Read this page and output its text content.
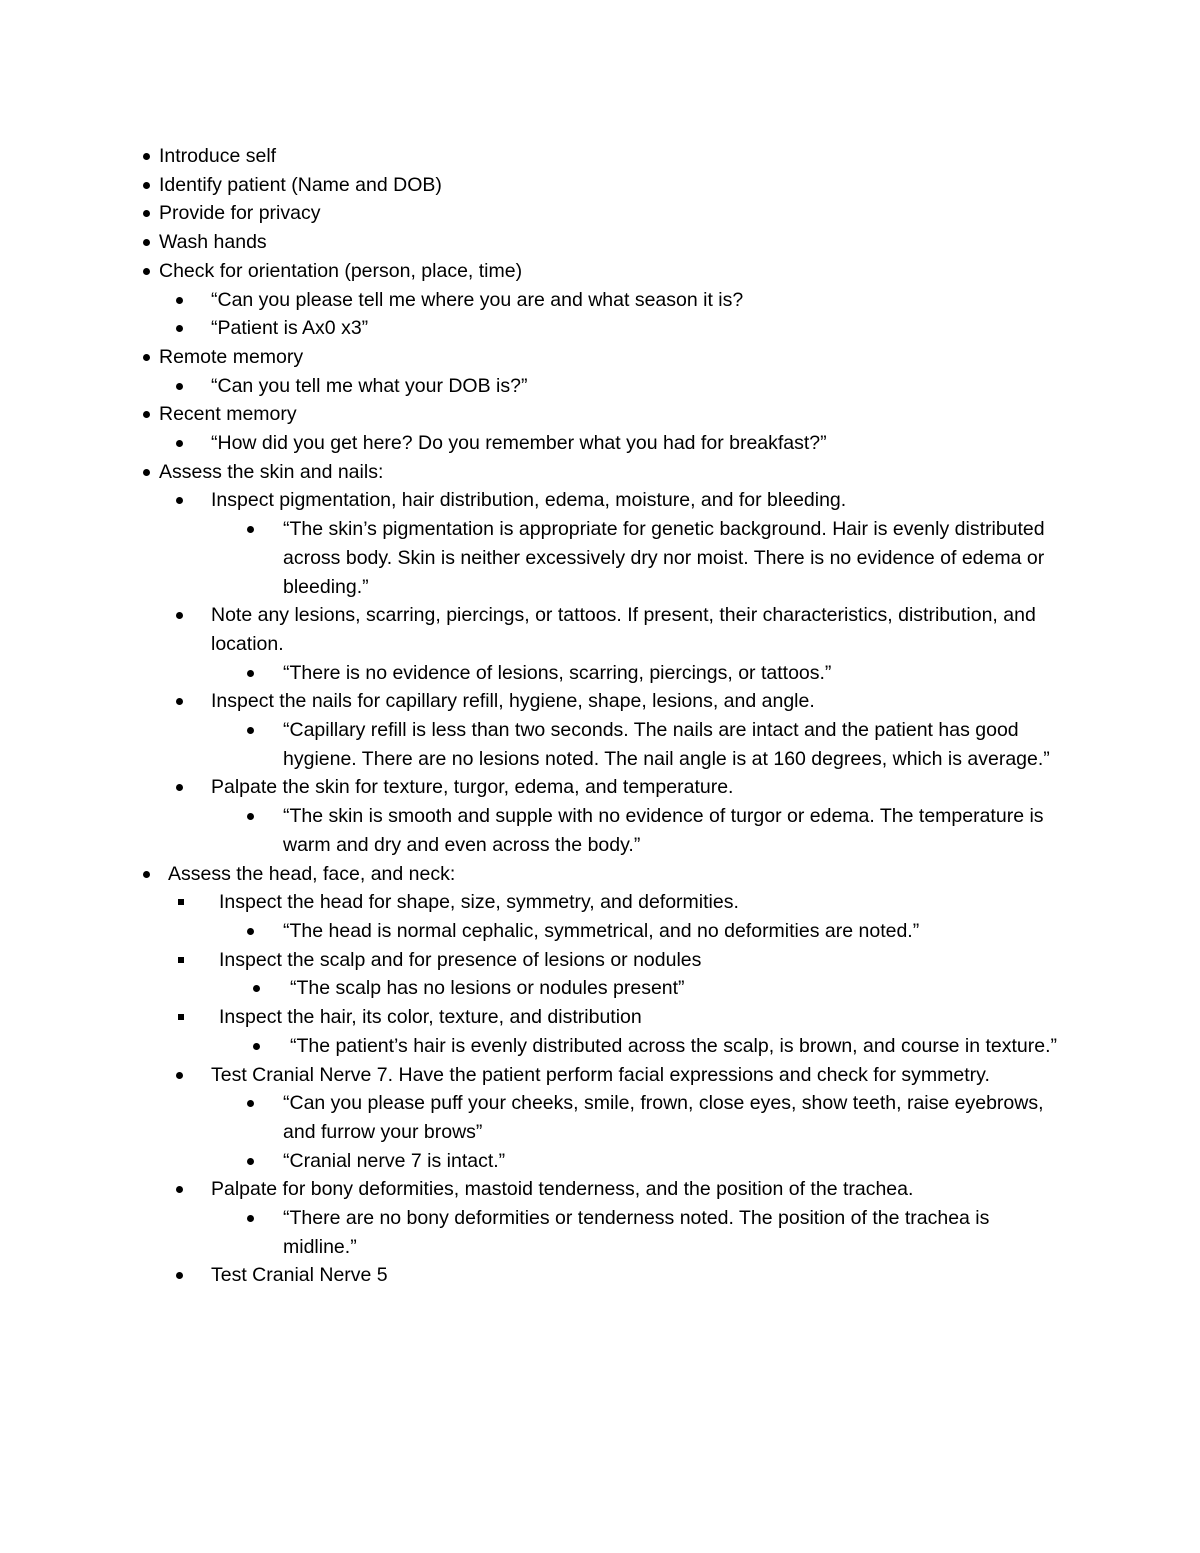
Introduce self
Identify patient (Name and DOB)
Provide for privacy
Wash hands
Check for orientation (person, place, time)
“Can you please tell me where you are and what season it is?
“Patient is Ax0 x3”
Remote memory
“Can you tell me what your DOB is?”
Recent memory
“How did you get here? Do you remember what you had for breakfast?”
Assess the skin and nails:
Inspect pigmentation, hair distribution, edema, moisture, and for bleeding.
“The skin’s pigmentation is appropriate for genetic background. Hair is evenly distributed across body. Skin is neither excessively dry nor moist. There is no evidence of edema or bleeding.”
Note any lesions, scarring, piercings, or tattoos. If present, their characteristics, distribution, and location.
“There is no evidence of lesions, scarring, piercings, or tattoos.”
Inspect the nails for capillary refill, hygiene, shape, lesions, and angle.
“Capillary refill is less than two seconds. The nails are intact and the patient has good hygiene. There are no lesions noted. The nail angle is at 160 degrees, which is average.”
Palpate the skin for texture, turgor, edema, and temperature.
“The skin is smooth and supple with no evidence of turgor or edema. The temperature is warm and dry and even across the body.”
Assess the head, face, and neck:
Inspect the head for shape, size, symmetry, and deformities.
“The head is normal cephalic, symmetrical, and no deformities are noted.”
Inspect the scalp and for presence of lesions or nodules
“The scalp has no lesions or nodules present”
Inspect the hair, its color, texture, and distribution
“The patient’s hair is evenly distributed across the scalp, is brown, and course in texture.”
Test Cranial Nerve 7. Have the patient perform facial expressions and check for symmetry.
“Can you please puff your cheeks, smile, frown, close eyes, show teeth, raise eyebrows, and furrow your brows”
“Cranial nerve 7 is intact.”
Palpate for bony deformities, mastoid tenderness, and the position of the trachea.
“There are no bony deformities or tenderness noted. The position of the trachea is midline.”
Test Cranial Nerve 5
